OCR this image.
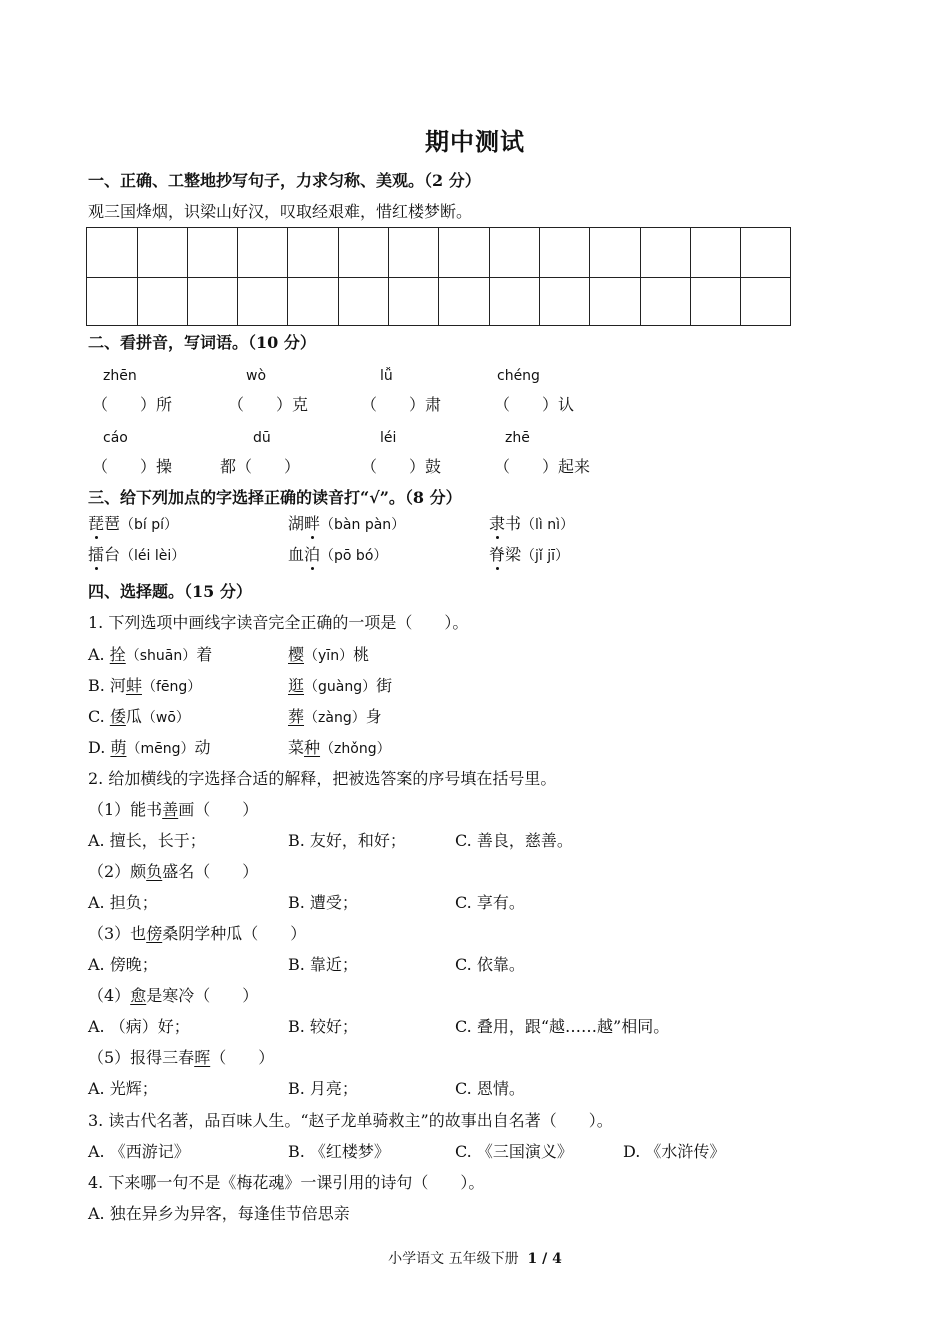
期中测试
一、正确、工整地抄写句子，力求匀称、美观。（2 分）
观三国烽烟，识梁山好汉，叹取经艰难，惜红楼梦断。
二、看拼音，写词语。（10 分）
zhēn	wò	lǚ	chéng
（　　）所	（　　）克	（　　）肃	（　　）认
cáo	dū	léi	zhē
（　　）操	都（　　）	（　　）鼓	（　　）起来
三、给下列加点的字选择正确的读音打“√”。（8 分）
琵琶（bí pí）	湖畔（bàn pàn）	隶书（lì nì）
擂台（léi lèi）	血泊（pō bó）	脊梁（jǐ jī）
四、选择题。（15 分）
1. 下列选项中画线字读音完全正确的一项是（　　）。
A. 拴（shuān）着	樱（yīn）桃
B. 河蚌（fēng）	逛（guàng）街
C. 倭瓜（wō）	葬（zàng）身
D. 萌（mēng）动	菜种（zhǒng）
2. 给加横线的字选择合适的解释，把被选答案的序号填在括号里。
（1）能书善画（　　）
A. 擅长，长于；	B. 友好，和好；	C. 善良，慈善。
（2）颇负盛名（　　）
A. 担负；	B. 遭受；	C. 享有。
（3）也傍桑阴学种瓜（　　）
A. 傍晚；	B. 靠近；	C. 依靠。
（4）愈是寒冷（　　）
A. （病）好；	B. 较好；	C. 叠用，跟“越……越”相同。
（5）报得三春晖（　　）
A. 光辉；	B. 月亮；	C. 恩情。
3. 读古代名著，品百味人生。“赵子龙单骑救主”的故事出自名著（　　）。
A. 《西游记》	B. 《红楼梦》	C. 《三国演义》	D. 《水浒传》
4. 下来哪一句不是《梅花魂》一课引用的诗句（　　）。
A. 独在异乡为异客，每逢佳节倍思亲
小学语文 五年级下册 1 / 4
